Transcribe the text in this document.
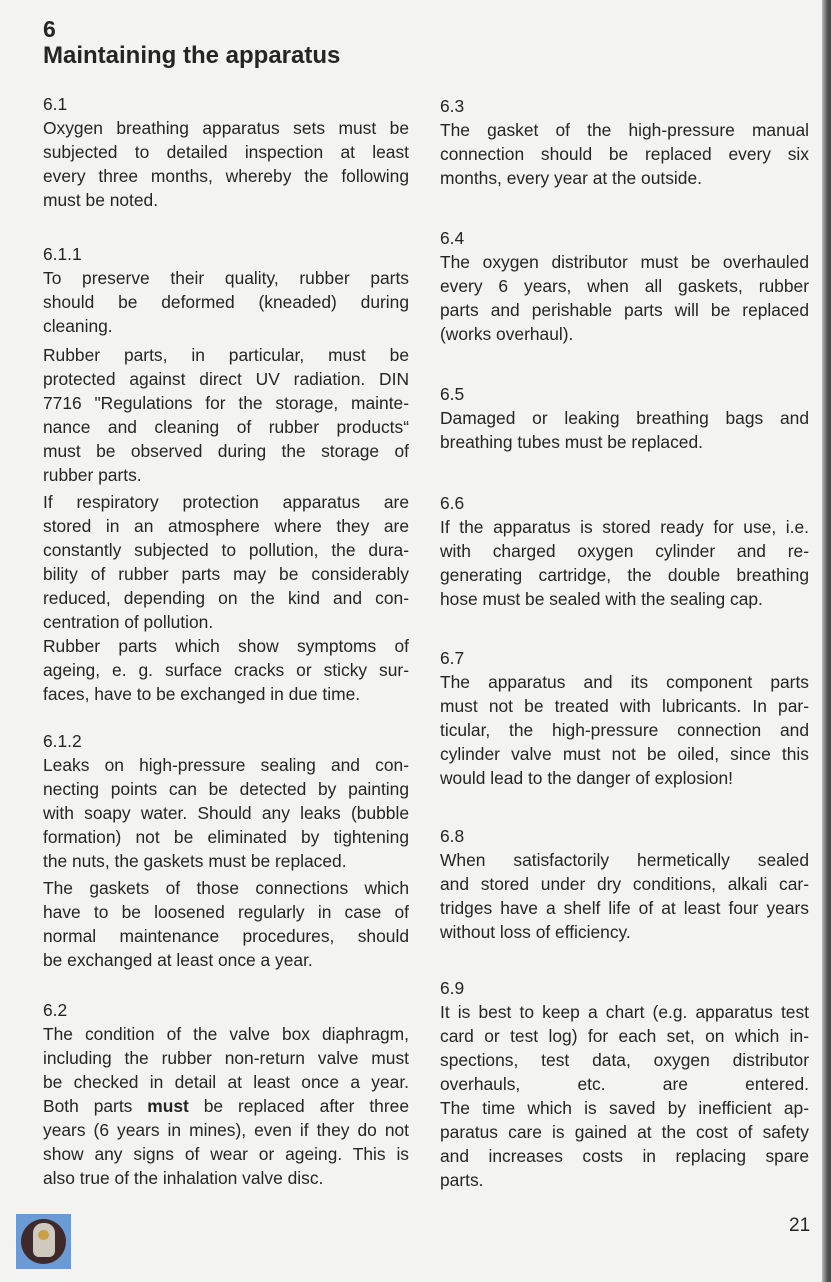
6
Maintaining the apparatus
6.1
Oxygen breathing apparatus sets must be
subjected to detailed inspection at least
every three months, whereby the following
must be noted.
6.1.1
To preserve their quality, rubber parts
should be deformed (kneaded) during
cleaning.
Rubber parts, in particular, must be
protected against direct UV radiation. DIN
7716 "Regulations for the storage, mainte-
nance and cleaning of rubber products“
must be observed during the storage of
rubber parts.
If respiratory protection apparatus are
stored in an atmosphere where they are
constantly subjected to pollution, the dura-
bility of rubber parts may be considerably
reduced, depending on the kind and con-
centration of pollution.
Rubber parts which show symptoms of
ageing, e. g. surface cracks or sticky sur-
faces, have to be exchanged in due time.
6.1.2
Leaks on high-pressure sealing and con-
necting points can be detected by painting
with soapy water. Should any leaks (bubble
formation) not be eliminated by tightening
the nuts, the gaskets must be replaced.
The gaskets of those connections which
have to be loosened regularly in case of
normal maintenance procedures, should
be exchanged at least once a year.
6.2
The condition of the valve box diaphragm,
including the rubber non-return valve must
be checked in detail at least once a year.
Both parts must be replaced after three
years (6 years in mines), even if they do not
show any signs of wear or ageing. This is
also true of the inhalation valve disc.
6.3
The gasket of the high-pressure manual
connection should be replaced every six
months, every year at the outside.
6.4
The oxygen distributor must be overhauled
every 6 years, when all gaskets, rubber
parts and perishable parts will be replaced
(works overhaul).
6.5
Damaged or leaking breathing bags and
breathing tubes must be replaced.
6.6
If the apparatus is stored ready for use, i.e.
with charged oxygen cylinder and re-
generating cartridge, the double breathing
hose must be sealed with the sealing cap.
6.7
The apparatus and its component parts
must not be treated with lubricants. In par-
ticular, the high-pressure connection and
cylinder valve must not be oiled, since this
would lead to the danger of explosion!
6.8
When satisfactorily hermetically sealed
and stored under dry conditions, alkali car-
tridges have a shelf life of at least four years
without loss of efficiency.
6.9
It is best to keep a chart (e.g. apparatus test
card or test log) for each set, on which in-
spections, test data, oxygen distributor
overhauls, etc. are entered.
The time which is saved by inefficient ap-
paratus care is gained at the cost of safety
and increases costs in replacing spare
parts.
21
